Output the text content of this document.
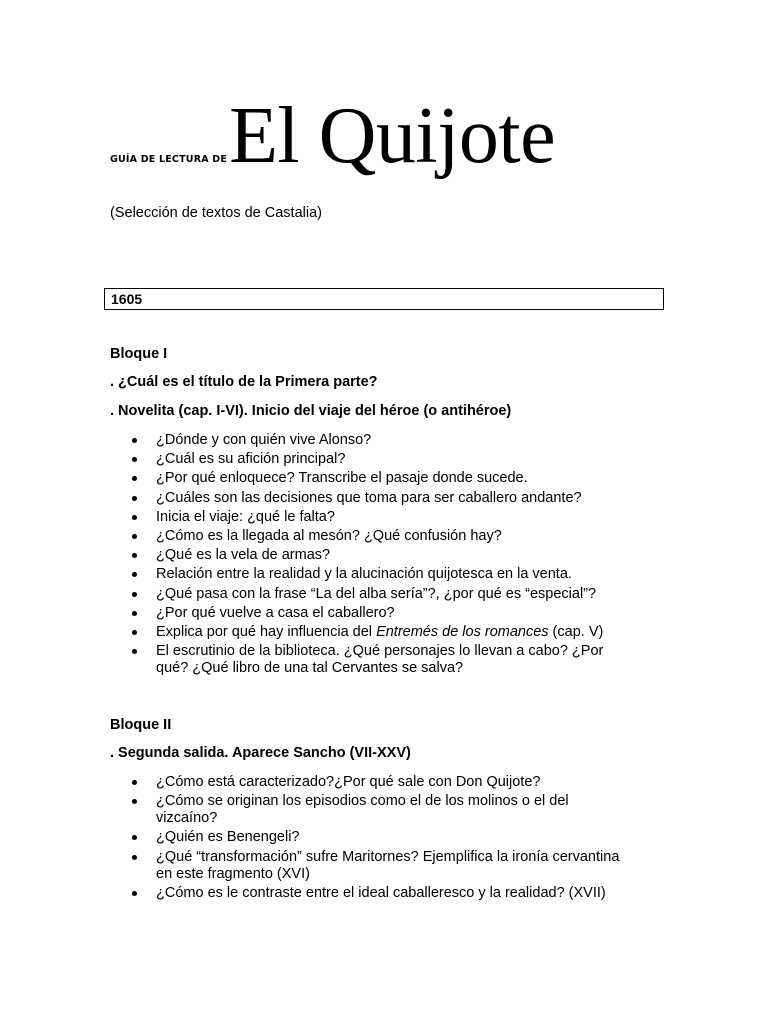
GUÍA DE LECTURA DEEl Quijote
(Selección de textos de Castalia)
1605
Bloque I
. ¿Cuál es el título de la Primera parte?
. Novelita (cap. I-VI). Inicio del viaje del héroe (o antihéroe)
¿Dónde y con quién vive Alonso?
¿Cuál es su afición principal?
¿Por qué enloquece? Transcribe el pasaje donde sucede.
¿Cuáles son las decisiones que toma para ser caballero andante?
Inicia el viaje: ¿qué le falta?
¿Cómo es la llegada al mesón? ¿Qué confusión hay?
¿Qué es la vela de armas?
Relación entre la realidad y la alucinación quijotesca en la venta.
¿Qué pasa con la frase “La del alba sería”?, ¿por qué es “especial”?
¿Por qué vuelve a casa el caballero?
Explica por qué hay influencia del Entremés de los romances (cap. V)
El escrutinio de la biblioteca. ¿Qué personajes lo llevan a cabo? ¿Por qué? ¿Qué libro de una tal Cervantes se salva?
Bloque II
. Segunda salida. Aparece Sancho (VII-XXV)
¿Cómo está caracterizado?¿Por qué sale con Don Quijote?
¿Cómo se originan los episodios como el de los molinos o el del vizcaíno?
¿Quién es Benengeli?
¿Qué “transformación” sufre Maritornes? Ejemplifica la ironía cervantina en este fragmento (XVI)
¿Cómo es le contraste entre el ideal caballeresco y la realidad? (XVII)
